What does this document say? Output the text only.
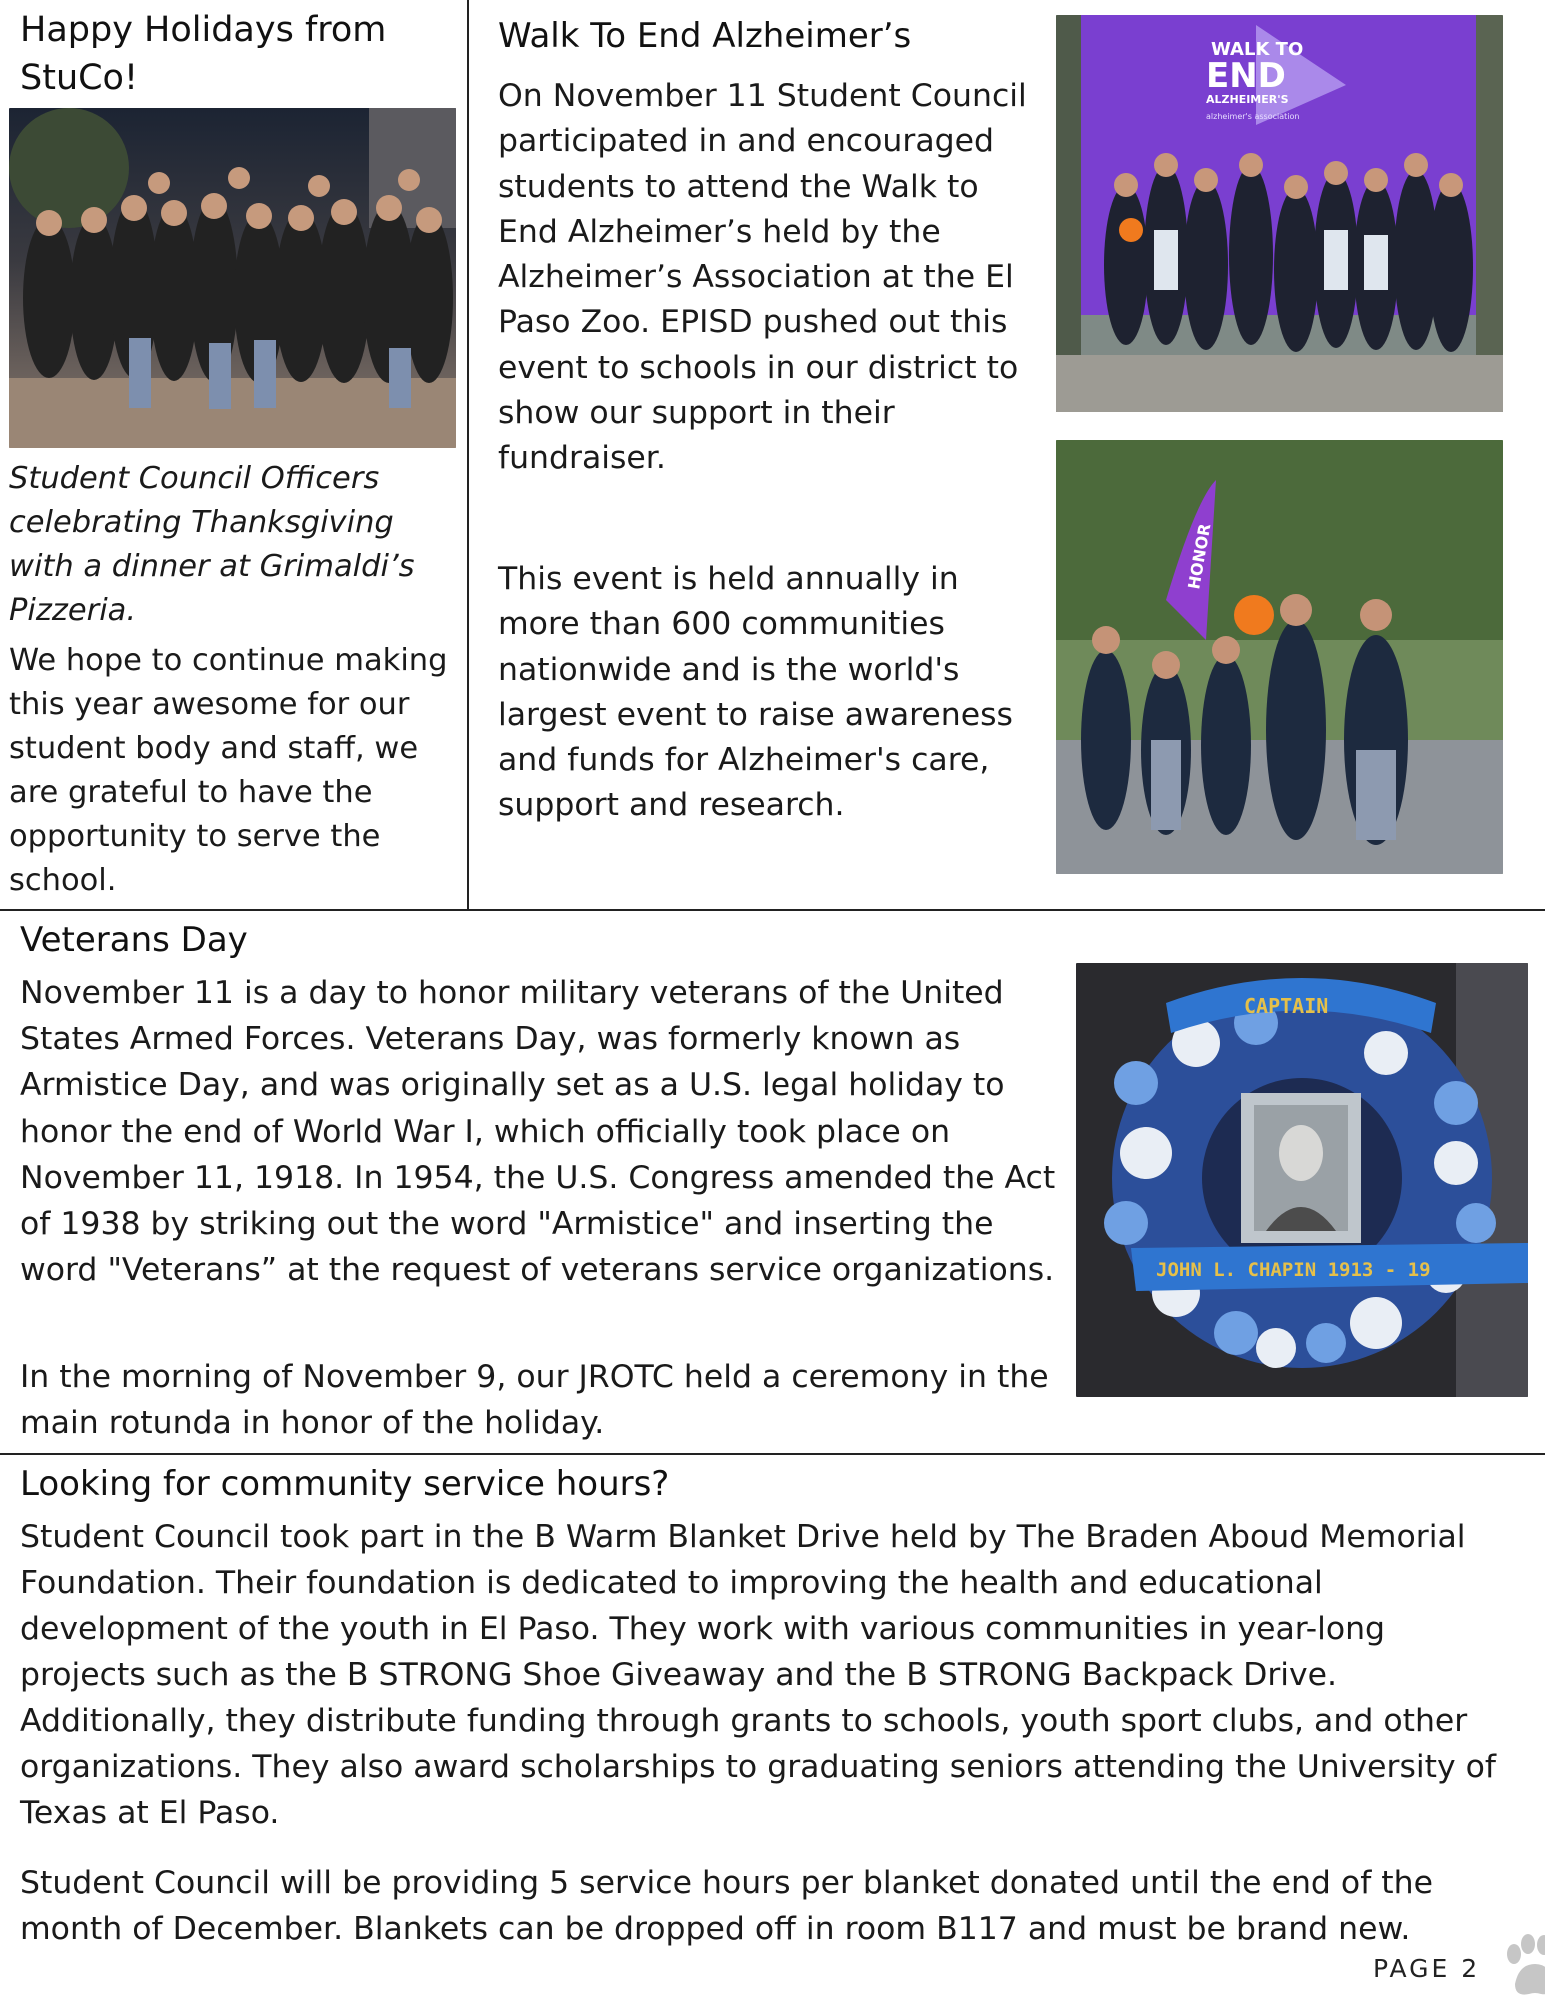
Happy Holidays from StuCo!

Student Council Officers celebrating Thanksgiving with a dinner at Grimaldi’s Pizzeria.

We hope to continue making this year awesome for our student body and staff, we are grateful to have the opportunity to serve the school.

Walk To End Alzheimer’s

On November 11 Student Council participated in and encouraged students to attend the Walk to End Alzheimer’s held by the Alzheimer’s Association at the El Paso Zoo. EPISD pushed out this event to schools in our district to show our support in their fundraiser.

This event is held annually in more than 600 communities nationwide and is the world's largest event to raise awareness and funds for Alzheimer's care, support and research.

WALK TO
END
ALZHEIMER'S
alzheimer's association
HONOR
Veterans Day

November 11 is a day to honor military veterans of the United States Armed Forces. Veterans Day, was formerly known as Armistice Day, and was originally set as a U.S. legal holiday to honor the end of World War I, which officially took place on November 11, 1918. In 1954, the U.S. Congress amended the Act of 1938 by striking out the word "Armistice" and inserting the word "Veterans” at the request of veterans service organizations.

In the morning of November 9, our JROTC held a ceremony in the main rotunda in honor of the holiday.

CAPTAIN
JOHN L. CHAPIN 1913 - 19
Looking for community service hours?

Student Council took part in the B Warm Blanket Drive held by The Braden Aboud Memorial Foundation. Their foundation is dedicated to improving the health and educational development of the youth in El Paso. They work with various communities in year-long projects such as the B STRONG Shoe Giveaway and the B STRONG Backpack Drive. Additionally, they distribute funding through grants to schools, youth sport clubs, and other organizations. They also award scholarships to graduating seniors attending the University of Texas at El Paso.

Student Council will be providing 5 service hours per blanket donated until the end of the month of December. Blankets can be dropped off in room B117 and must be brand new.

PAGE 2
